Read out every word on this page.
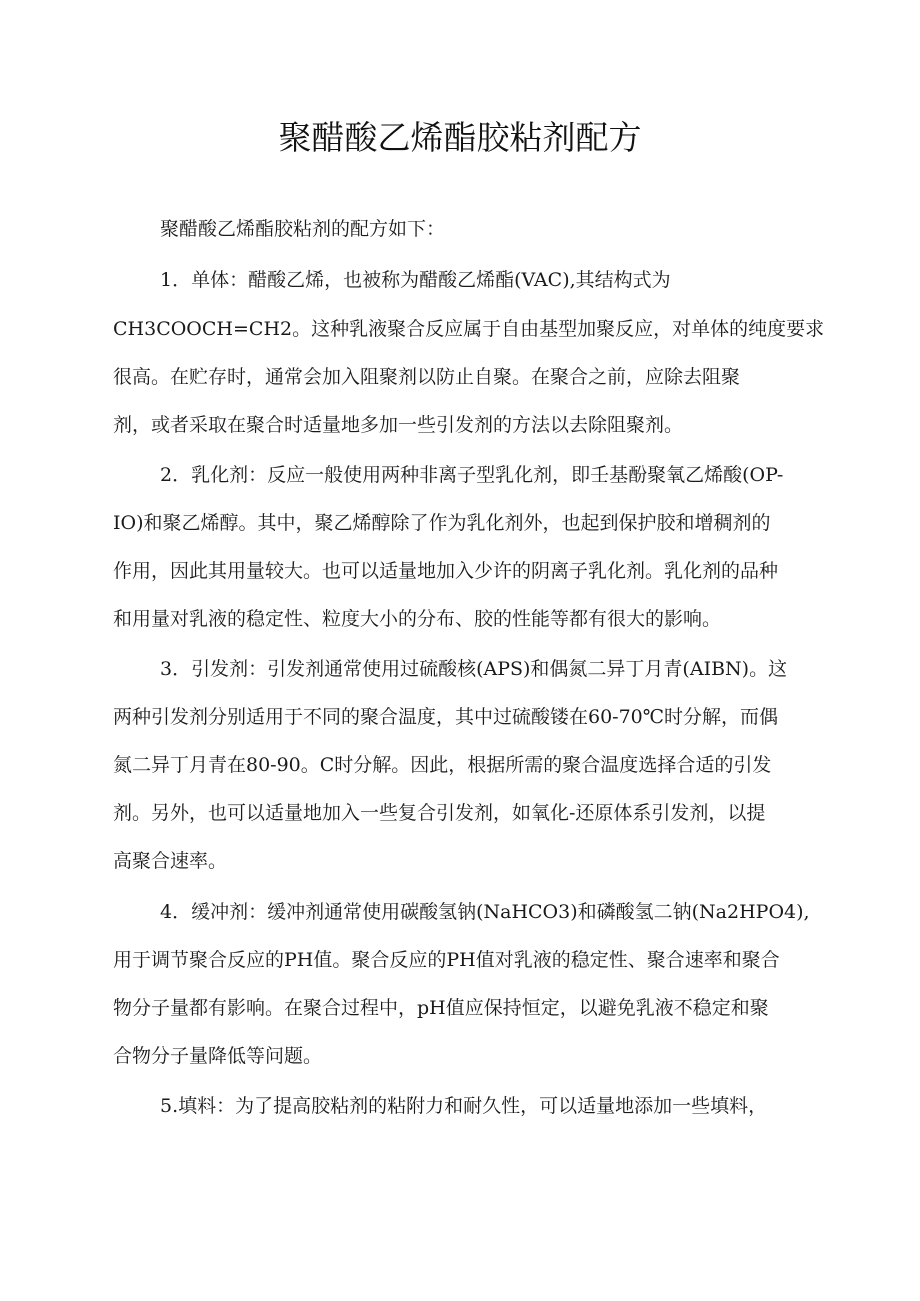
聚醋酸乙烯酯胶粘剂配方

聚醋酸乙烯酯胶粘剂的配方如下：

1．单体：醋酸乙烯，也被称为醋酸乙烯酯(VAC),其结构式为

CH3COOCH=CH2。这种乳液聚合反应属于自由基型加聚反应，对单体的纯度要求

很高。在贮存时，通常会加入阻聚剂以防止自聚。在聚合之前，应除去阻聚

剂，或者采取在聚合时适量地多加一些引发剂的方法以去除阻聚剂。

2．乳化剂：反应一般使用两种非离子型乳化剂，即壬基酚聚氧乙烯酸(OP-

IO)和聚乙烯醇。其中，聚乙烯醇除了作为乳化剂外，也起到保护胶和增稠剂的

作用，因此其用量较大。也可以适量地加入少许的阴离子乳化剂。乳化剂的品种

和用量对乳液的稳定性、粒度大小的分布、胶的性能等都有很大的影响。

3．引发剂：引发剂通常使用过硫酸核(APS)和偶氮二异丁月青(AIBN)。这

两种引发剂分别适用于不同的聚合温度，其中过硫酸镂在60-70℃时分解，而偶

氮二异丁月青在80-90。C时分解。因此，根据所需的聚合温度选择合适的引发

剂。另外，也可以适量地加入一些复合引发剂，如氧化-还原体系引发剂，以提

高聚合速率。

4．缓冲剂：缓冲剂通常使用碳酸氢钠(NaHCO3)和磷酸氢二钠(Na2HPO4),

用于调节聚合反应的PH值。聚合反应的PH值对乳液的稳定性、聚合速率和聚合

物分子量都有影响。在聚合过程中，pH值应保持恒定，以避免乳液不稳定和聚

合物分子量降低等问题。

5.填料：为了提高胶粘剂的粘附力和耐久性，可以适量地添加一些填料，
